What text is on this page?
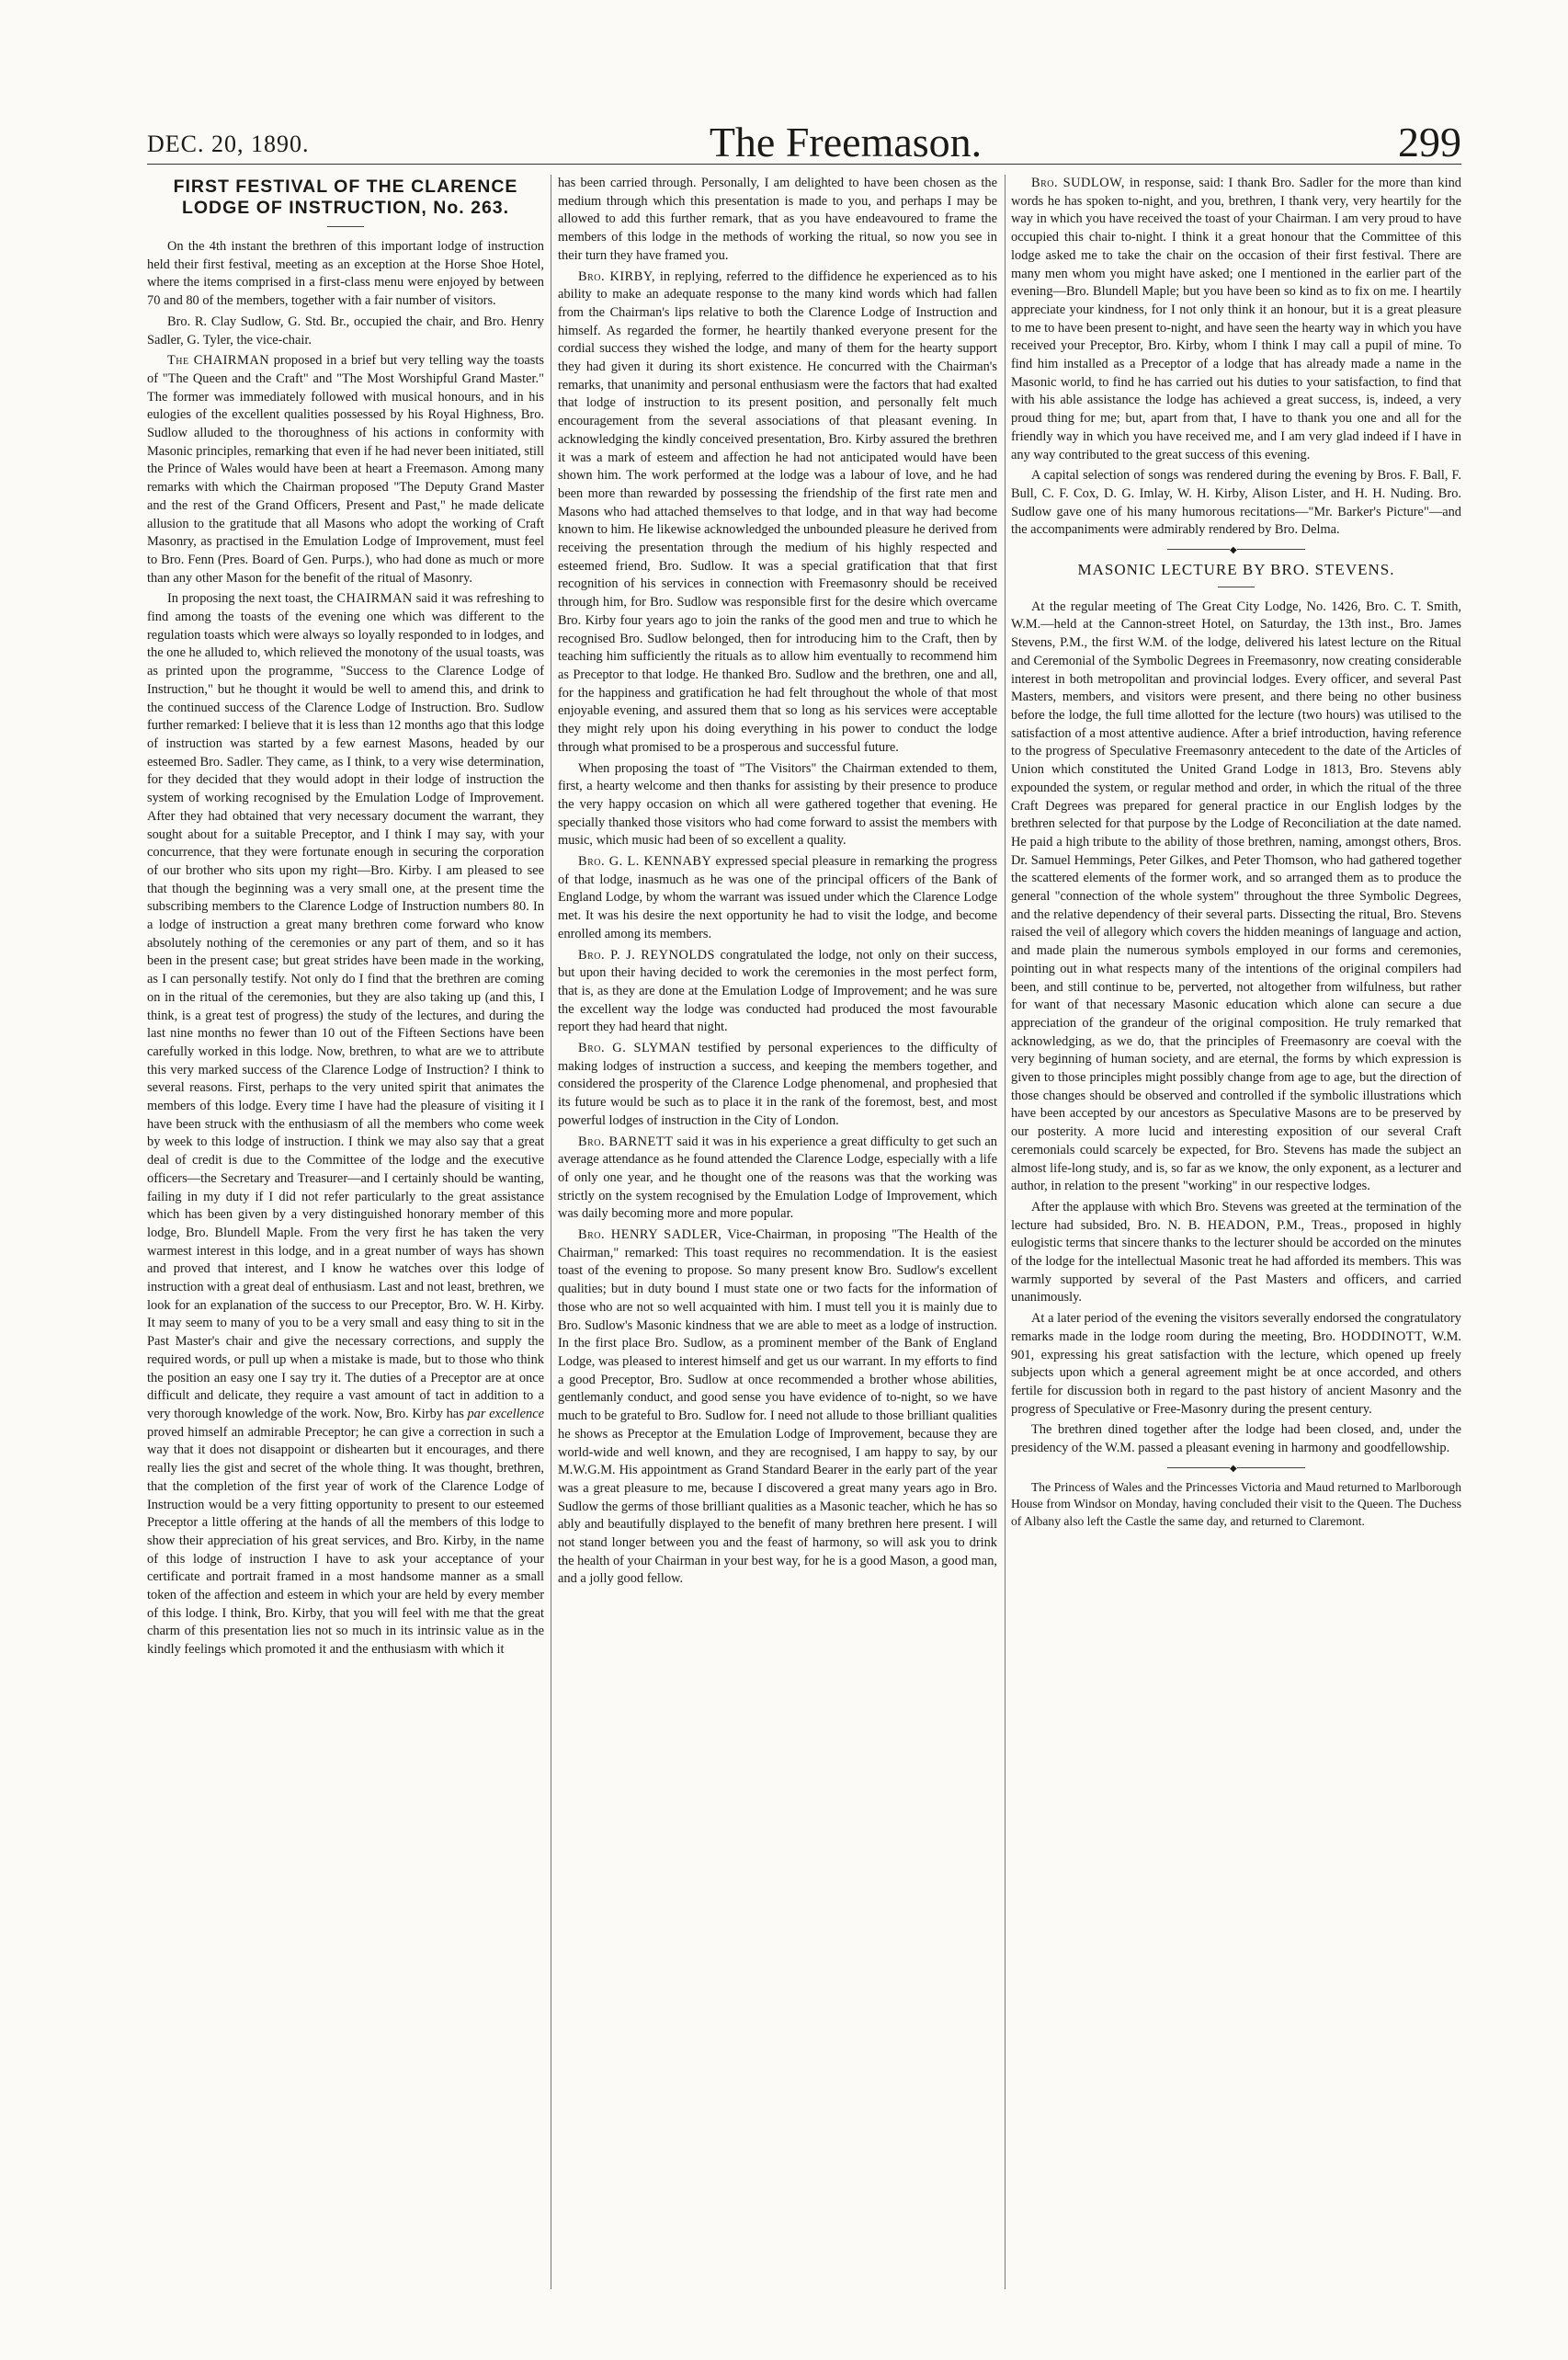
DEC. 20, 1890.	The Freemason.	299
FIRST FESTIVAL OF THE CLARENCE LODGE OF INSTRUCTION, No. 263.

On the 4th instant the brethren of this important lodge of instruction held their first festival, meeting as an exception at the Horse Shoe Hotel, where the items comprised in a first-class menu were enjoyed by between 70 and 80 of the members, together with a fair number of visitors.

Bro. R. Clay Sudlow, G. Std. Br., occupied the chair, and Bro. Henry Sadler, G. Tyler, the vice-chair.

The CHAIRMAN proposed in a brief but very telling way the toasts of "The Queen and the Craft" and "The Most Worshipful Grand Master." The former was immediately followed with musical honours, and in his eulogies of the excellent qualities possessed by his Royal Highness, Bro. Sudlow alluded to the thoroughness of his actions in conformity with Masonic principles, remarking that even if he had never been initiated, still the Prince of Wales would have been at heart a Freemason. Among many remarks with which the Chairman proposed "The Deputy Grand Master and the rest of the Grand Officers, Present and Past," he made delicate allusion to the gratitude that all Masons who adopt the working of Craft Masonry, as practised in the Emulation Lodge of Improvement, must feel to Bro. Fenn (Pres. Board of Gen. Purps.), who had done as much or more than any other Mason for the benefit of the ritual of Masonry.

In proposing the next toast, the CHAIRMAN said it was refreshing to find among the toasts of the evening one which was different to the regulation toasts which were always so loyally responded to in lodges, and the one he alluded to, which relieved the monotony of the usual toasts, was as printed upon the programme, "Success to the Clarence Lodge of Instruction," but he thought it would be well to amend this, and drink to the continued success of the Clarence Lodge of Instruction. Bro. Sudlow further remarked: I believe that it is less than 12 months ago that this lodge of instruction was started by a few earnest Masons, headed by our esteemed Bro. Sadler. They came, as I think, to a very wise determination, for they decided that they would adopt in their lodge of instruction the system of working recognised by the Emulation Lodge of Improvement. After they had obtained that very necessary document the warrant, they sought about for a suitable Preceptor, and I think I may say, with your concurrence, that they were fortunate enough in securing the corporation of our brother who sits upon my right—Bro. Kirby. I am pleased to see that though the beginning was a very small one, at the present time the subscribing members to the Clarence Lodge of Instruction numbers 80. In a lodge of instruction a great many brethren come forward who know absolutely nothing of the ceremonies or any part of them, and so it has been in the present case; but great strides have been made in the working, as I can personally testify. Not only do I find that the brethren are coming on in the ritual of the ceremonies, but they are also taking up (and this, I think, is a great test of progress) the study of the lectures, and during the last nine months no fewer than 10 out of the Fifteen Sections have been carefully worked in this lodge. Now, brethren, to what are we to attribute this very marked success of the Clarence Lodge of Instruction? I think to several reasons. First, perhaps to the very united spirit that animates the members of this lodge. Every time I have had the pleasure of visiting it I have been struck with the enthusiasm of all the members who come week by week to this lodge of instruction. I think we may also say that a great deal of credit is due to the Committee of the lodge and the executive officers—the Secretary and Treasurer—and I certainly should be wanting, failing in my duty if I did not refer particularly to the great assistance which has been given by a very distinguished honorary member of this lodge, Bro. Blundell Maple. From the very first he has taken the very warmest interest in this lodge, and in a great number of ways has shown and proved that interest, and I know he watches over this lodge of instruction with a great deal of enthusiasm. Last and not least, brethren, we look for an explanation of the success to our Preceptor, Bro. W. H. Kirby. It may seem to many of you to be a very small and easy thing to sit in the Past Master's chair and give the necessary corrections, and supply the required words, or pull up when a mistake is made, but to those who think the position an easy one I say try it. The duties of a Preceptor are at once difficult and delicate, they require a vast amount of tact in addition to a very thorough knowledge of the work. Now, Bro. Kirby has par excellence proved himself an admirable Preceptor; he can give a correction in such a way that it does not disappoint or dishearten but it encourages, and there really lies the gist and secret of the whole thing. It was thought, brethren, that the completion of the first year of work of the Clarence Lodge of Instruction would be a very fitting opportunity to present to our esteemed Preceptor a little offering at the hands of all the members of this lodge to show their appreciation of his great services, and Bro. Kirby, in the name of this lodge of instruction I have to ask your acceptance of your certificate and portrait framed in a most handsome manner as a small token of the affection and esteem in which your are held by every member of this lodge. I think, Bro. Kirby, that you will feel with me that the great charm of this presentation lies not so much in its intrinsic value as in the kindly feelings which promoted it and the enthusiasm with which it

has been carried through. Personally, I am delighted to have been chosen as the medium through which this presentation is made to you, and perhaps I may be allowed to add this further remark, that as you have endeavoured to frame the members of this lodge in the methods of working the ritual, so now you see in their turn they have framed you.

Bro. KIRBY, in replying, referred to the diffidence he experienced as to his ability to make an adequate response to the many kind words which had fallen from the Chairman's lips relative to both the Clarence Lodge of Instruction and himself. As regarded the former, he heartily thanked everyone present for the cordial success they wished the lodge, and many of them for the hearty support they had given it during its short existence. He concurred with the Chairman's remarks, that unanimity and personal enthusiasm were the factors that had exalted that lodge of instruction to its present position, and personally felt much encouragement from the several associations of that pleasant evening. In acknowledging the kindly conceived presentation, Bro. Kirby assured the brethren it was a mark of esteem and affection he had not anticipated would have been shown him. The work performed at the lodge was a labour of love, and he had been more than rewarded by possessing the friendship of the first rate men and Masons who had attached themselves to that lodge, and in that way had become known to him. He likewise acknowledged the unbounded pleasure he derived from receiving the presentation through the medium of his highly respected and esteemed friend, Bro. Sudlow. It was a special gratification that that first recognition of his services in connection with Freemasonry should be received through him, for Bro. Sudlow was responsible first for the desire which overcame Bro. Kirby four years ago to join the ranks of the good men and true to which he recognised Bro. Sudlow belonged, then for introducing him to the Craft, then by teaching him sufficiently the rituals as to allow him eventually to recommend him as Preceptor to that lodge. He thanked Bro. Sudlow and the brethren, one and all, for the happiness and gratification he had felt throughout the whole of that most enjoyable evening, and assured them that so long as his services were acceptable they might rely upon his doing everything in his power to conduct the lodge through what promised to be a prosperous and successful future.

When proposing the toast of "The Visitors" the Chairman extended to them, first, a hearty welcome and then thanks for assisting by their presence to produce the very happy occasion on which all were gathered together that evening. He specially thanked those visitors who had come forward to assist the members with music, which music had been of so excellent a quality.

Bro. G. L. KENNABY expressed special pleasure in remarking the progress of that lodge, inasmuch as he was one of the principal officers of the Bank of England Lodge, by whom the warrant was issued under which the Clarence Lodge met. It was his desire the next opportunity he had to visit the lodge, and become enrolled among its members.

Bro. P. J. REYNOLDS congratulated the lodge, not only on their success, but upon their having decided to work the ceremonies in the most perfect form, that is, as they are done at the Emulation Lodge of Improvement; and he was sure the excellent way the lodge was conducted had produced the most favourable report they had heard that night.

Bro. G. SLYMAN testified by personal experiences to the difficulty of making lodges of instruction a success, and keeping the members together, and considered the prosperity of the Clarence Lodge phenomenal, and prophesied that its future would be such as to place it in the rank of the foremost, best, and most powerful lodges of instruction in the City of London.

Bro. BARNETT said it was in his experience a great difficulty to get such an average attendance as he found attended the Clarence Lodge, especially with a life of only one year, and he thought one of the reasons was that the working was strictly on the system recognised by the Emulation Lodge of Improvement, which was daily becoming more and more popular.

Bro. HENRY SADLER, Vice-Chairman, in proposing "The Health of the Chairman," remarked: This toast requires no recommendation. It is the easiest toast of the evening to propose. So many present know Bro. Sudlow's excellent qualities; but in duty bound I must state one or two facts for the information of those who are not so well acquainted with him. I must tell you it is mainly due to Bro. Sudlow's Masonic kindness that we are able to meet as a lodge of instruction. In the first place Bro. Sudlow, as a prominent member of the Bank of England Lodge, was pleased to interest himself and get us our warrant. In my efforts to find a good Preceptor, Bro. Sudlow at once recommended a brother whose abilities, gentlemanly conduct, and good sense you have evidence of to-night, so we have much to be grateful to Bro. Sudlow for. I need not allude to those brilliant qualities he shows as Preceptor at the Emulation Lodge of Improvement, because they are world-wide and well known, and they are recognised, I am happy to say, by our M.W.G.M. His appointment as Grand Standard Bearer in the early part of the year was a great pleasure to me, because I discovered a great many years ago in Bro. Sudlow the germs of those brilliant qualities as a Masonic teacher, which he has so ably and beautifully displayed to the benefit of many brethren here present. I will not stand longer between you and the feast of harmony, so will ask you to drink the health of your Chairman in your best way, for he is a good Mason, a good man, and a jolly good fellow.

Bro. SUDLOW, in response, said: I thank Bro. Sadler for the more than kind words he has spoken to-night, and you, brethren, I thank very, very heartily for the way in which you have received the toast of your Chairman. I am very proud to have occupied this chair to-night. I think it a great honour that the Committee of this lodge asked me to take the chair on the occasion of their first festival. There are many men whom you might have asked; one I mentioned in the earlier part of the evening—Bro. Blundell Maple; but you have been so kind as to fix on me. I heartily appreciate your kindness, for I not only think it an honour, but it is a great pleasure to me to have been present to-night, and have seen the hearty way in which you have received your Preceptor, Bro. Kirby, whom I think I may call a pupil of mine. To find him installed as a Preceptor of a lodge that has already made a name in the Masonic world, to find he has carried out his duties to your satisfaction, to find that with his able assistance the lodge has achieved a great success, is, indeed, a very proud thing for me; but, apart from that, I have to thank you one and all for the friendly way in which you have received me, and I am very glad indeed if I have in any way contributed to the great success of this evening.

A capital selection of songs was rendered during the evening by Bros. F. Ball, F. Bull, C. F. Cox, D. G. Imlay, W. H. Kirby, Alison Lister, and H. H. Nuding. Bro. Sudlow gave one of his many humorous recitations—"Mr. Barker's Picture"—and the accompaniments were admirably rendered by Bro. Delma.

◆
MASONIC LECTURE BY BRO. STEVENS.

At the regular meeting of The Great City Lodge, No. 1426, Bro. C. T. Smith, W.M.—held at the Cannon-street Hotel, on Saturday, the 13th inst., Bro. James Stevens, P.M., the first W.M. of the lodge, delivered his latest lecture on the Ritual and Ceremonial of the Symbolic Degrees in Freemasonry, now creating considerable interest in both metropolitan and provincial lodges. Every officer, and several Past Masters, members, and visitors were present, and there being no other business before the lodge, the full time allotted for the lecture (two hours) was utilised to the satisfaction of a most attentive audience. After a brief introduction, having reference to the progress of Speculative Freemasonry antecedent to the date of the Articles of Union which constituted the United Grand Lodge in 1813, Bro. Stevens ably expounded the system, or regular method and order, in which the ritual of the three Craft Degrees was prepared for general practice in our English lodges by the brethren selected for that purpose by the Lodge of Reconciliation at the date named. He paid a high tribute to the ability of those brethren, naming, amongst others, Bros. Dr. Samuel Hemmings, Peter Gilkes, and Peter Thomson, who had gathered together the scattered elements of the former work, and so arranged them as to produce the general "connection of the whole system" throughout the three Symbolic Degrees, and the relative dependency of their several parts. Dissecting the ritual, Bro. Stevens raised the veil of allegory which covers the hidden meanings of language and action, and made plain the numerous symbols employed in our forms and ceremonies, pointing out in what respects many of the intentions of the original compilers had been, and still continue to be, perverted, not altogether from wilfulness, but rather for want of that necessary Masonic education which alone can secure a due appreciation of the grandeur of the original composition. He truly remarked that acknowledging, as we do, that the principles of Freemasonry are coeval with the very beginning of human society, and are eternal, the forms by which expression is given to those principles might possibly change from age to age, but the direction of those changes should be observed and controlled if the symbolic illustrations which have been accepted by our ancestors as Speculative Masons are to be preserved by our posterity. A more lucid and interesting exposition of our several Craft ceremonials could scarcely be expected, for Bro. Stevens has made the subject an almost life-long study, and is, so far as we know, the only exponent, as a lecturer and author, in relation to the present "working" in our respective lodges.

After the applause with which Bro. Stevens was greeted at the termination of the lecture had subsided, Bro. N. B. HEADON, P.M., Treas., proposed in highly eulogistic terms that sincere thanks to the lecturer should be accorded on the minutes of the lodge for the intellectual Masonic treat he had afforded its members. This was warmly supported by several of the Past Masters and officers, and carried unanimously.

At a later period of the evening the visitors severally endorsed the congratulatory remarks made in the lodge room during the meeting, Bro. HODDINOTT, W.M. 901, expressing his great satisfaction with the lecture, which opened up freely subjects upon which a general agreement might be at once accorded, and others fertile for discussion both in regard to the past history of ancient Masonry and the progress of Speculative or Free-Masonry during the present century.

The brethren dined together after the lodge had been closed, and, under the presidency of the W.M. passed a pleasant evening in harmony and goodfellowship.

◆

The Princess of Wales and the Princesses Victoria and Maud returned to Marlborough House from Windsor on Monday, having concluded their visit to the Queen. The Duchess of Albany also left the Castle the same day, and returned to Claremont.
